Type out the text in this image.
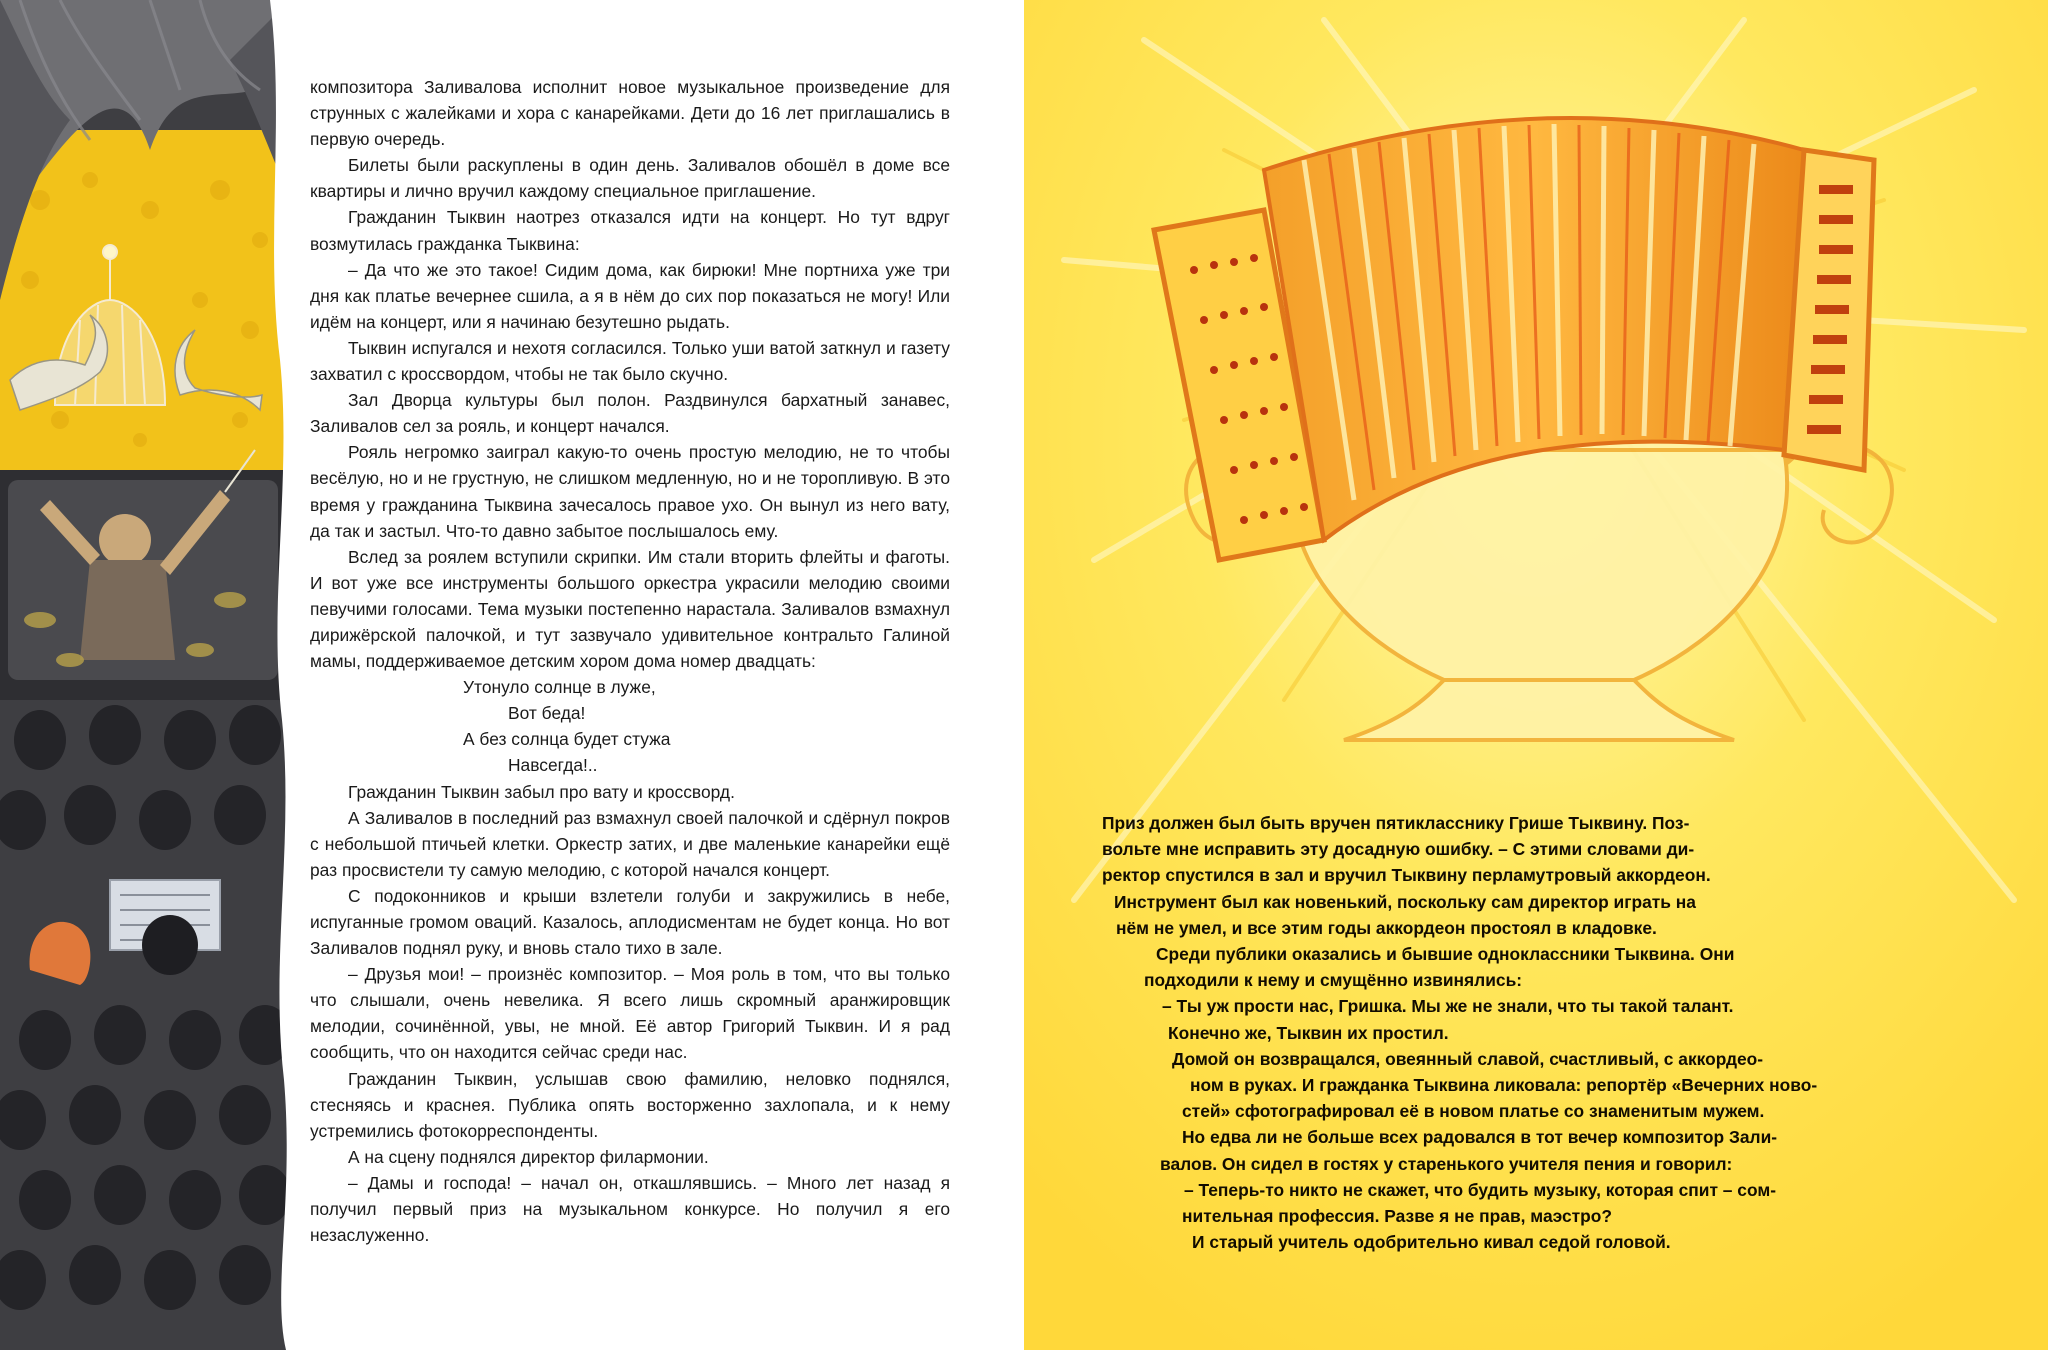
композитора Заливалова исполнит новое музыкальное произведение для струнных с жалейками и хора с канарейками. Дети до 16 лет приглашались в первую очередь.

Билеты были раскуплены в один день. Заливалов обошёл в доме все квартиры и лично вручил каждому специальное приглашение.

Гражданин Тыквин наотрез отказался идти на концерт. Но тут вдруг возмутилась гражданка Тыквина:

– Да что же это такое! Сидим дома, как бирюки! Мне портниха уже три дня как платье вечернее сшила, а я в нём до сих пор показаться не могу! Или идём на концерт, или я начинаю безутешно рыдать.

Тыквин испугался и нехотя согласился. Только уши ватой заткнул и газету захватил с кроссвордом, чтобы не так было скучно.

Зал Дворца культуры был полон. Раздвинулся бархатный занавес, Заливалов сел за рояль, и концерт начался.

Рояль негромко заиграл какую-то очень простую мелодию, не то чтобы весёлую, но и не грустную, не слишком медленную, но и не торопливую. В это время у гражданина Тыквина зачесалось правое ухо. Он вынул из него вату, да так и застыл. Что-то давно забытое послышалось ему.

Вслед за роялем вступили скрипки. Им стали вторить флейты и фаготы. И вот уже все инструменты большого оркестра украсили мелодию своими певучими голосами. Тема музыки постепенно нарастала. Заливалов взмахнул дирижёрской палочкой, и тут зазвучало удивительное контральто Галиной мамы, поддерживаемое детским хором дома номер двадцать:

Утонуло солнце в луже,
Вот беда!
А без солнца будет стужа
Навсегда!..

Гражданин Тыквин забыл про вату и кроссворд.

А Заливалов в последний раз взмахнул своей палочкой и сдёрнул покров с небольшой птичьей клетки. Оркестр затих, и две маленькие канарейки ещё раз просвистели ту самую мелодию, с которой начался концерт.

С подоконников и крыши взлетели голуби и закружились в небе, испуганные громом оваций. Казалось, аплодисментам не будет конца. Но вот Заливалов поднял руку, и вновь стало тихо в зале.

– Друзья мои! – произнёс композитор. – Моя роль в том, что вы только что слышали, очень невелика. Я всего лишь скромный аранжировщик мелодии, сочинённой, увы, не мной. Её автор Григорий Тыквин. И я рад сообщить, что он находится сейчас среди нас.

Гражданин Тыквин, услышав свою фамилию, неловко поднялся, стесняясь и краснея. Публика опять восторженно захлопала, и к нему устремились фотокорреспонденты.

А на сцену поднялся директор филармонии.

– Дамы и господа! – начал он, откашлявшись. – Много лет назад я получил первый приз на музыкальном конкурсе. Но получил я его незаслуженно.

Приз должен был быть вручен пятикласснику Грише Тыквину. Поз-
вольте мне исправить эту досадную ошибку. – С этими словами ди-
ректор спустился в зал и вручил Тыквину перламутровый аккордеон.
Инструмент был как новенький, поскольку сам директор играть на
нём не умел, и все этим годы аккордеон простоял в кладовке.
Среди публики оказались и бывшие одноклассники Тыквина. Они
подходили к нему и смущённо извинялись:
– Ты уж прости нас, Гришка. Мы же не знали, что ты такой талант.
Конечно же, Тыквин их простил.
Домой он возвращался, овеянный славой, счастливый, с аккордео-
ном в руках. И гражданка Тыквина ликовала: репортёр «Вечерних ново-
стей» сфотографировал её в новом платье со знаменитым мужем.
Но едва ли не больше всех радовался в тот вечер композитор Зали-
валов. Он сидел в гостях у старенького учителя пения и говорил:
– Теперь-то никто не скажет, что будить музыку, которая спит – сом-
нительная профессия. Разве я не прав, маэстро?
И старый учитель одобрительно кивал седой головой.
